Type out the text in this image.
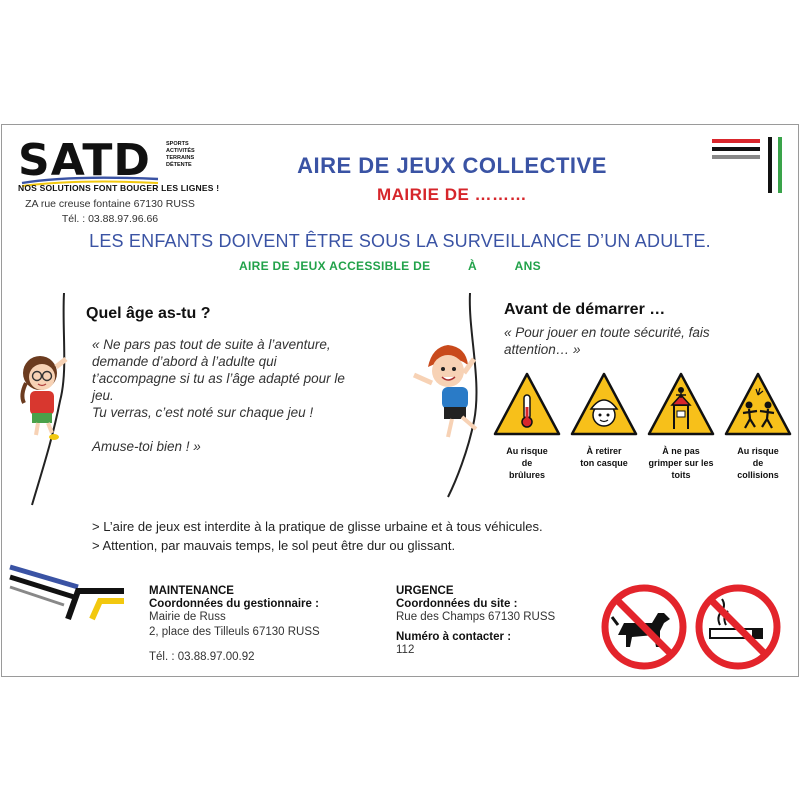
SATD	SPORTS
ACTIVITÉS
TERRAINS
DÉTENTE
NOS SOLUTIONS FONT BOUGER LES LIGNES !
ZA rue creuse fontaine 67130 RUSS
Tél. : 03.88.97.96.66
AIRE DE JEUX COLLECTIVE
MAIRIE DE ………
LES ENFANTS DOIVENT ÊTRE SOUS LA SURVEILLANCE D’UN ADULTE.
AIRE DE JEUX ACCESSIBLE DE	À	ANS
Quel âge as-tu ?
« Ne pars pas tout de suite à l’aventure,
demande d’abord à l’adulte qui
t’accompagne si tu as l’âge adapté pour le
jeu.
Tu verras, c’est noté sur chaque jeu !
Amuse-toi bien ! »
Avant de démarrer …
« Pour jouer en toute sécurité, fais
attention… »
Au risque
de
brûlures
À retirer
ton casque
À ne pas
grimper sur les
toits
Au risque
de
collisions
> L’aire de jeux est interdite à la pratique de glisse urbaine et à tous véhicules.
> Attention, par mauvais temps, le sol peut être dur ou glissant.
MAINTENANCE
Coordonnées du gestionnaire :
Mairie de Russ
2, place des Tilleuls 67130 RUSS
Tél. : 03.88.97.00.92
URGENCE
Coordonnées du site :
Rue des Champs 67130 RUSS
Numéro à contacter :
112
